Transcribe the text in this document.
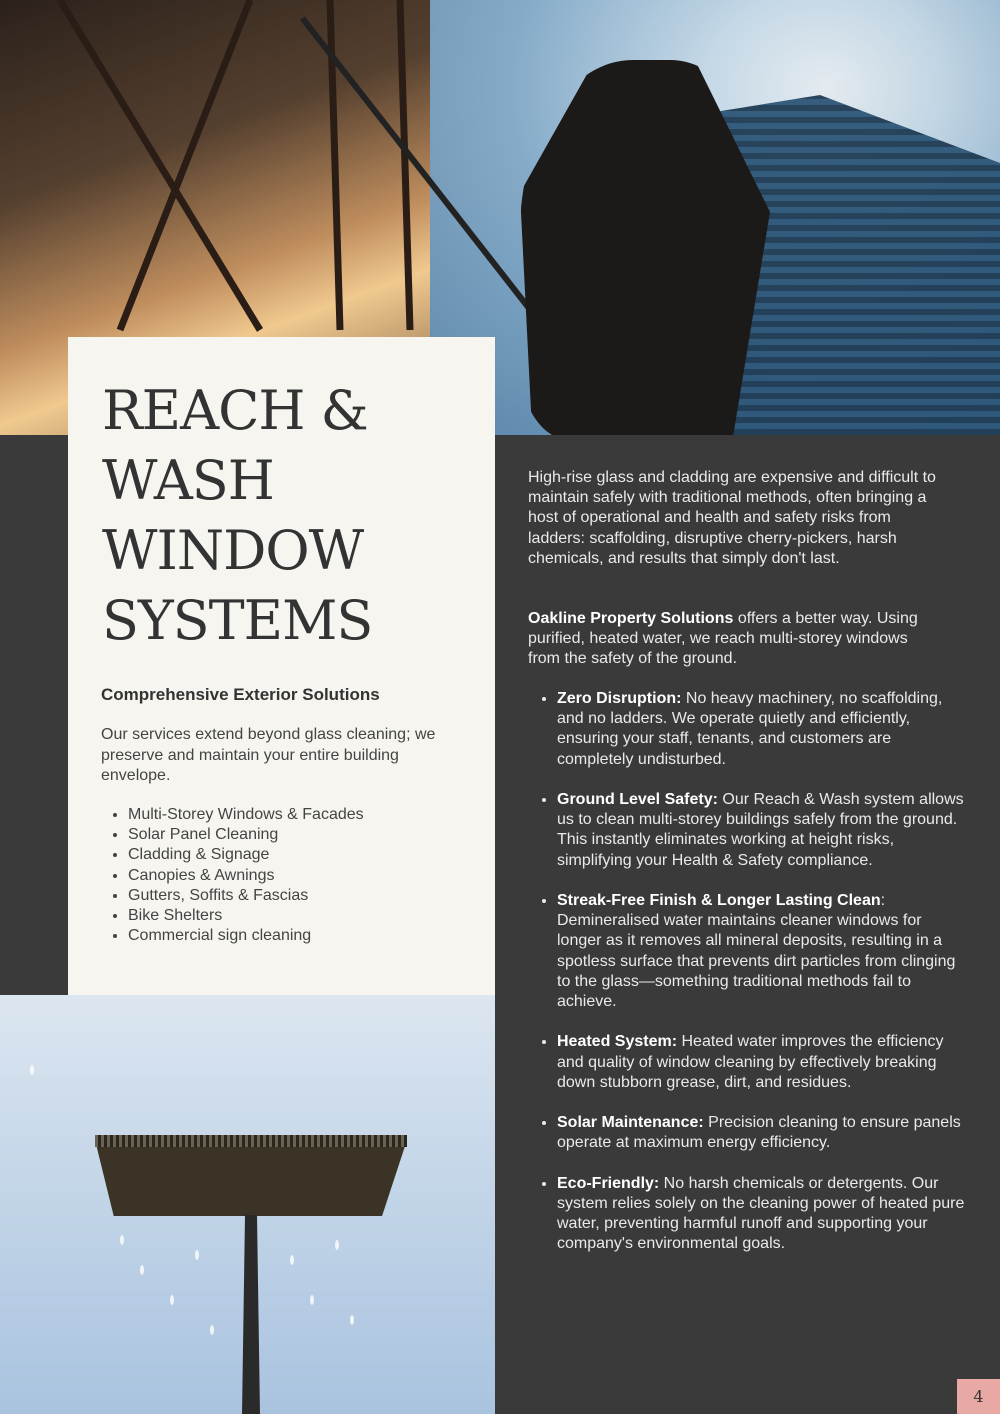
REACH &
WASH
WINDOW
SYSTEMS
Comprehensive Exterior Solutions

Our services extend beyond glass cleaning; we preserve and maintain your entire building envelope.

• Multi-Storey Windows & Facades
• Solar Panel Cleaning
• Cladding & Signage
• Canopies & Awnings
• Gutters, Soffits & Fascias
• Bike Shelters
• Commercial sign cleaning

High-rise glass and cladding are expensive and difficult to maintain safely with traditional methods, often bringing a host of operational and health and safety risks from ladders: scaffolding, disruptive cherry-pickers, harsh chemicals, and results that simply don't last.

Oakline Property Solutions offers a better way. Using purified, heated water, we reach multi-storey windows from the safety of the ground.

• Zero Disruption: No heavy machinery, no scaffolding, and no ladders. We operate quietly and efficiently, ensuring your staff, tenants, and customers are completely undisturbed.
• Ground Level Safety: Our Reach & Wash system allows us to clean multi-storey buildings safely from the ground. This instantly eliminates working at height risks, simplifying your Health & Safety compliance.
• Streak-Free Finish & Longer Lasting Clean: Demineralised water maintains cleaner windows for longer as it removes all mineral deposits, resulting in a spotless surface that prevents dirt particles from clinging to the glass—something traditional methods fail to achieve.
• Heated System: Heated water improves the efficiency and quality of window cleaning by effectively breaking down stubborn grease, dirt, and residues.
• Solar Maintenance: Precision cleaning to ensure panels operate at maximum energy efficiency.
• Eco-Friendly: No harsh chemicals or detergents. Our system relies solely on the cleaning power of heated pure water, preventing harmful runoff and supporting your company's environmental goals.
4
